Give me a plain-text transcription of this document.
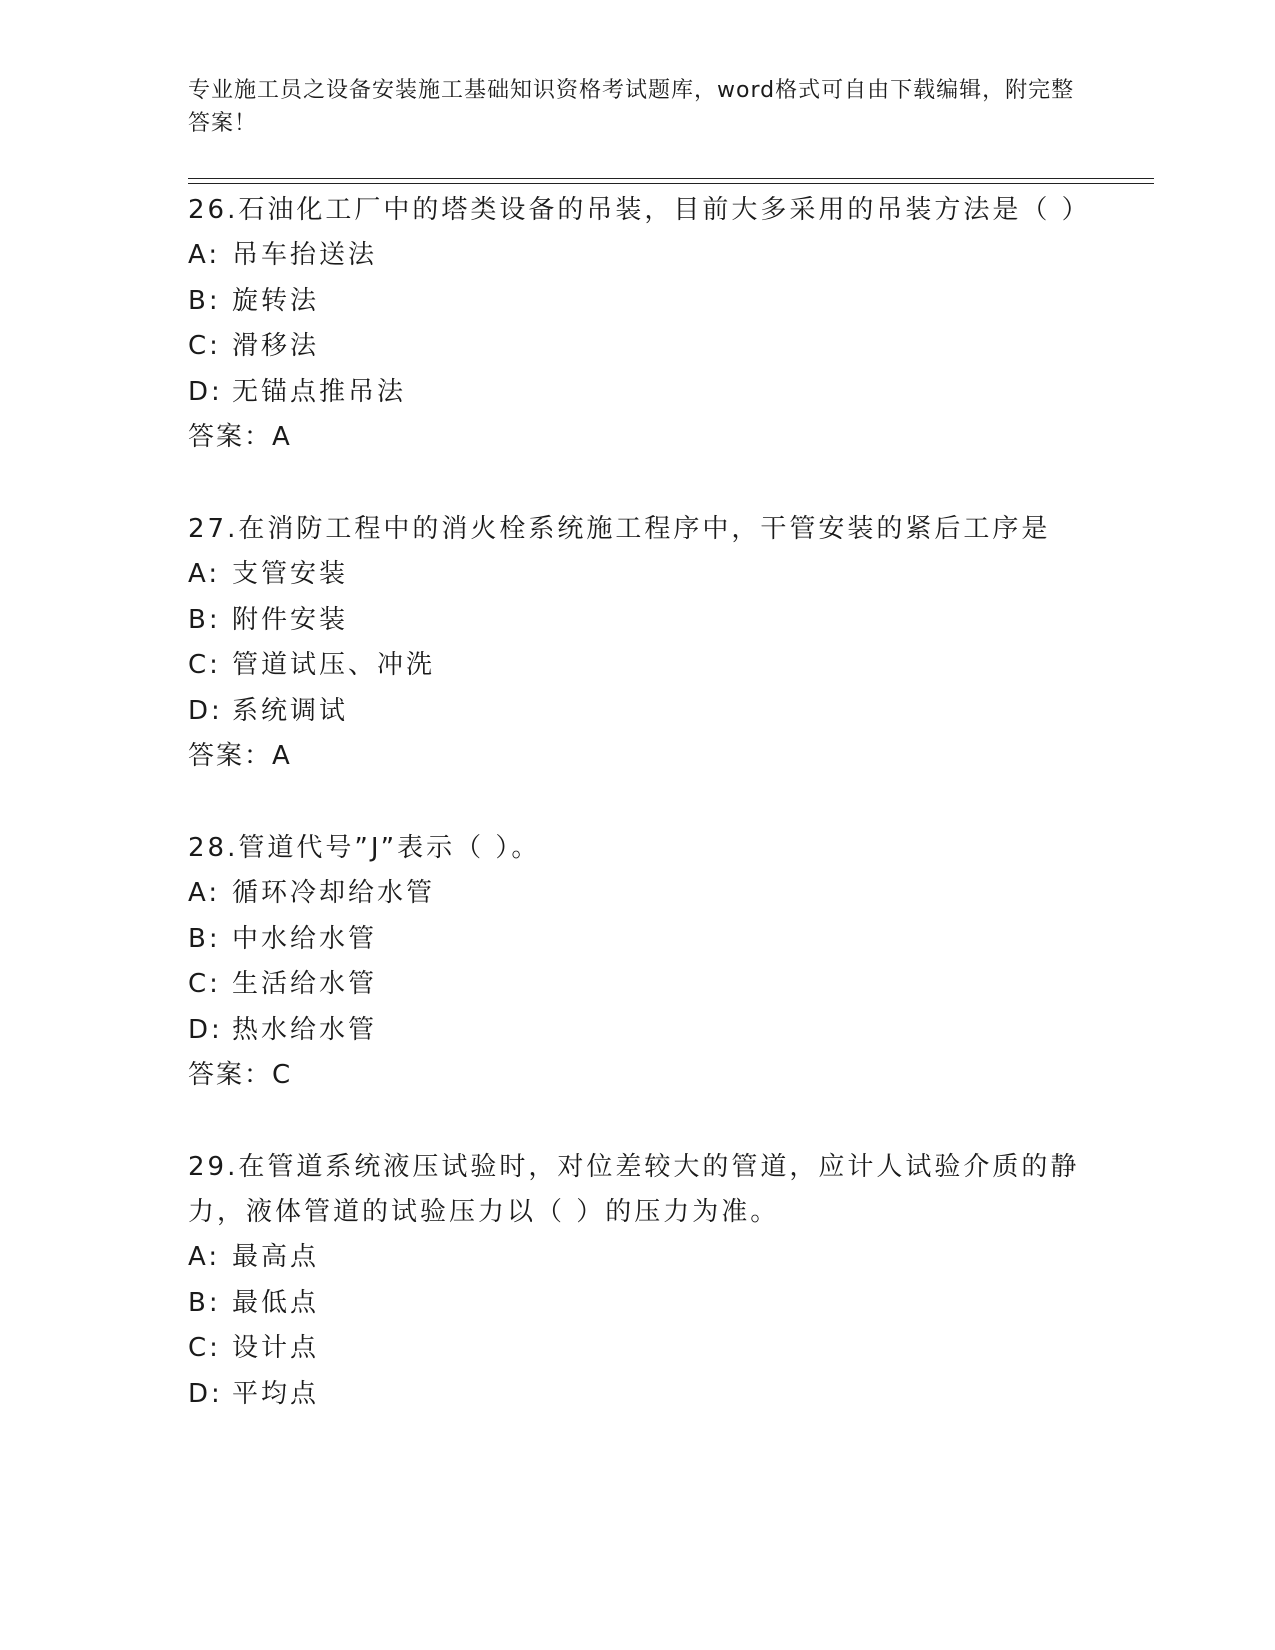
专业施工员之设备安装施工基础知识资格考试题库，word格式可自由下载编辑，附完整答案！

26.石油化工厂中的塔类设备的吊装，目前大多采用的吊装方法是（ ）

A: 吊车抬送法
B: 旋转法
C: 滑移法
D: 无锚点推吊法
答案：A

27.在消防工程中的消火栓系统施工程序中，干管安装的紧后工序是

A: 支管安装
B: 附件安装
C: 管道试压、冲洗
D: 系统调试
答案：A

28.管道代号”J”表示（ ）。

A: 循环冷却给水管
B: 中水给水管
C: 生活给水管
D: 热水给水管
答案：C

29.在管道系统液压试验时，对位差较大的管道，应计人试验介质的静力，液体管道的试验压力以（ ）的压力为准。

A: 最高点
B: 最低点
C: 设计点
D: 平均点
